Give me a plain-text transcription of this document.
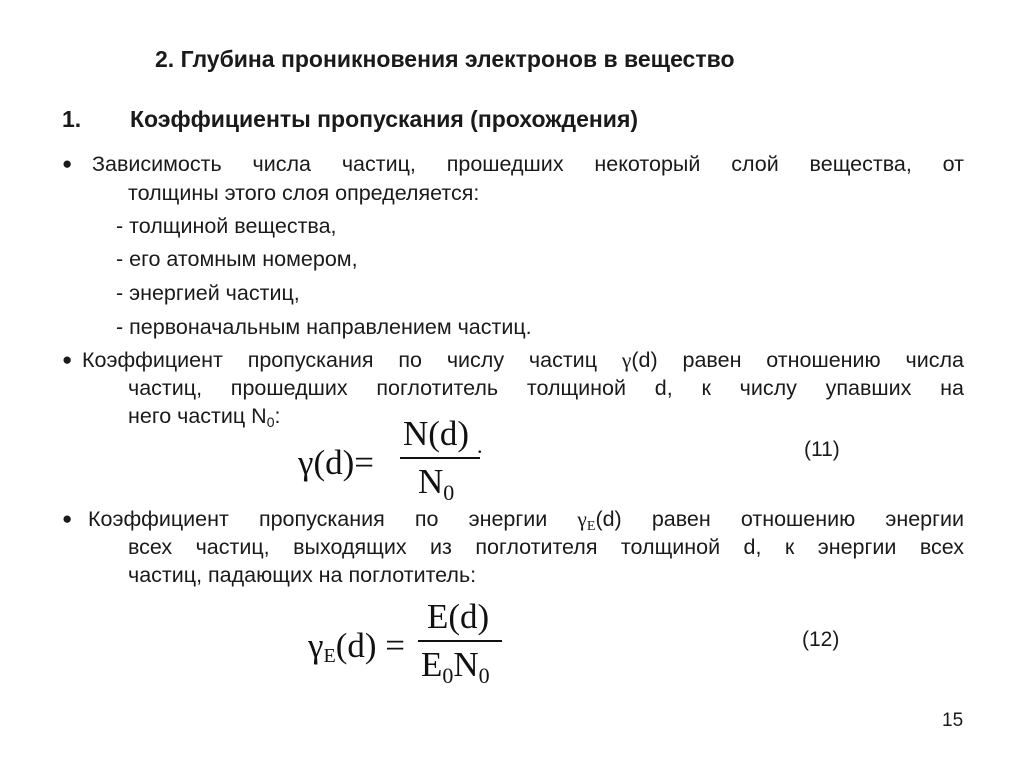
2. Глубина проникновения электронов в вещество
1. Коэффициенты пропускания (прохождения)
● Зависимость числа частиц, прошедших некоторый слой вещества, от
толщины этого слоя определяется:
- толщиной вещества,
- его атомным номером,
- энергией частиц,
- первоначальным направлением частиц.
● Коэффициент пропускания по числу частиц γ(d) равен отношению числа
частиц, прошедших поглотитель толщиной d, к числу упавших на
него частиц $N_0$:
γ(d)=
N(d) .
$N_0$
(11)
● Коэффициент пропускания по энергии $\gamma_E(d)$ равен отношению энергии
всех частиц, выходящих из поглотителя толщиной d, к энергии всех
частиц, падающих на поглотитель:
$\gamma_E(d)$ =
E(d)
$E_0N_0$
(12)
15
